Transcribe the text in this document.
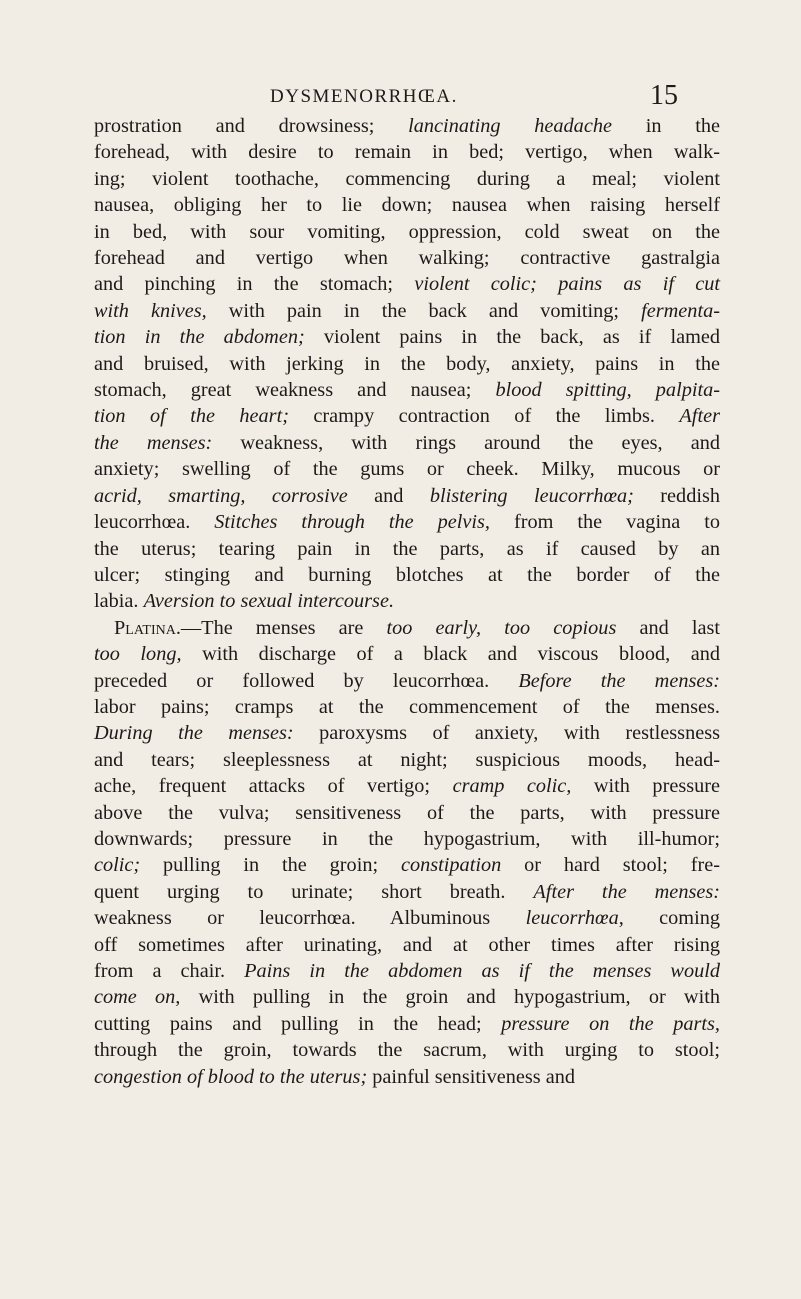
DYSMENORRHŒA.	15
prostration and drowsiness; lancinating headache in the
forehead, with desire to remain in bed; vertigo, when walk-
ing; violent toothache, commencing during a meal; violent
nausea, obliging her to lie down; nausea when raising herself
in bed, with sour vomiting, oppression, cold sweat on the
forehead and vertigo when walking; contractive gastralgia
and pinching in the stomach; violent colic; pains as if cut
with knives, with pain in the back and vomiting; fermenta-
tion in the abdomen; violent pains in the back, as if lamed
and bruised, with jerking in the body, anxiety, pains in the
stomach, great weakness and nausea; blood spitting, palpita-
tion of the heart; crampy contraction of the limbs. After
the menses: weakness, with rings around the eyes, and
anxiety; swelling of the gums or cheek. Milky, mucous or
acrid, smarting, corrosive and blistering leucorrhœa; reddish
leucorrhœa. Stitches through the pelvis, from the vagina to
the uterus; tearing pain in the parts, as if caused by an
ulcer; stinging and burning blotches at the border of the
labia. Aversion to sexual intercourse.
Platina.—The menses are too early, too copious and last
too long, with discharge of a black and viscous blood, and
preceded or followed by leucorrhœa. Before the menses:
labor pains; cramps at the commencement of the menses.
During the menses: paroxysms of anxiety, with restlessness
and tears; sleeplessness at night; suspicious moods, head-
ache, frequent attacks of vertigo; cramp colic, with pressure
above the vulva; sensitiveness of the parts, with pressure
downwards; pressure in the hypogastrium, with ill-humor;
colic; pulling in the groin; constipation or hard stool; fre-
quent urging to urinate; short breath. After the menses:
weakness or leucorrhœa. Albuminous leucorrhœa, coming
off sometimes after urinating, and at other times after rising
from a chair. Pains in the abdomen as if the menses would
come on, with pulling in the groin and hypogastrium, or with
cutting pains and pulling in the head; pressure on the parts,
through the groin, towards the sacrum, with urging to stool;
congestion of blood to the uterus; painful sensitiveness and
